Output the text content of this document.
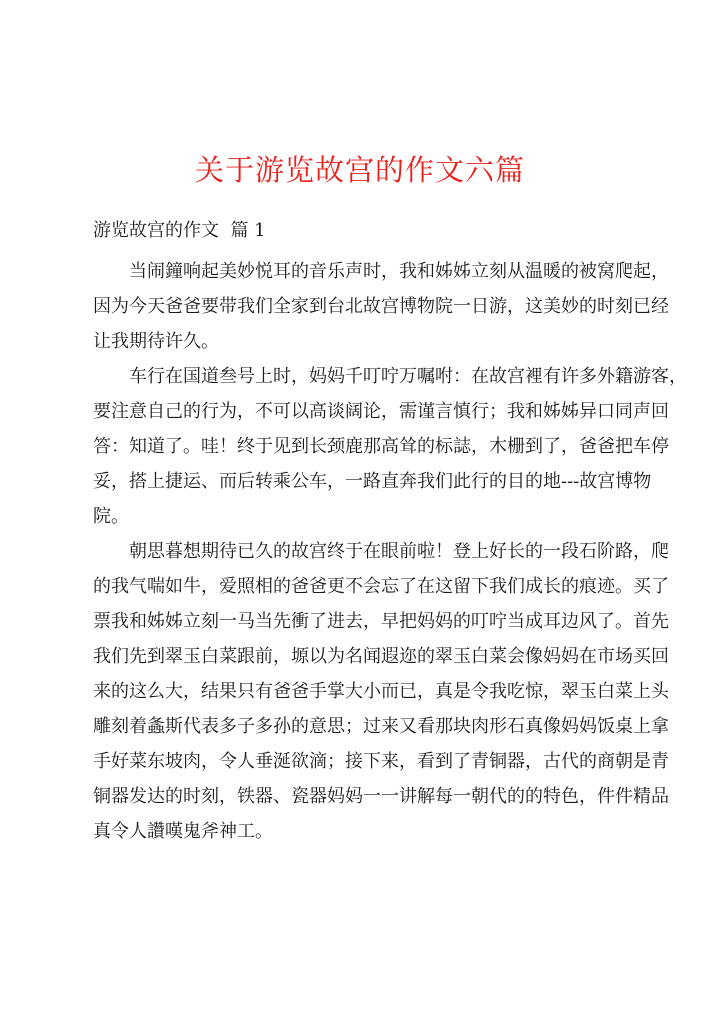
关于游览故宫的作文六篇
游览故宫的作文  篇 1
当闹鐘响起美妙悦耳的音乐声时，我和姊姊立刻从温暖的被窝爬起，
因为今天爸爸要带我们全家到台北故宫博物院一日游，这美妙的时刻已经
让我期待许久。
车行在国道叁号上时，妈妈千叮咛万嘱咐：在故宫裡有许多外籍游客，
要注意自己的行为，不可以高谈阔论，需谨言慎行；我和姊姊异口同声回
答：知道了。哇！终于见到长颈鹿那高耸的标誌，木栅到了，爸爸把车停
妥，搭上捷运、而后转乘公车，一路直奔我们此行的目的地---故宫博物
院。
朝思暮想期待已久的故宫终于在眼前啦！登上好长的一段石阶路，爬
的我气喘如牛，爱照相的爸爸更不会忘了在这留下我们成长的痕迹。买了
票我和姊姊立刻一马当先衝了进去，早把妈妈的叮咛当成耳边风了。首先
我们先到翠玉白菜跟前，塬以为名闻遐迩的翠玉白菜会像妈妈在市场买回
来的这么大，结果只有爸爸手掌大小而已，真是令我吃惊，翠玉白菜上头
雕刻着螽斯代表多子多孙的意思；过来又看那块肉形石真像妈妈饭桌上拿
手好菜东坡肉，令人垂涎欲滴；接下来，看到了青铜器，古代的商朝是青
铜器发达的时刻，铁器、瓷器妈妈一一讲解每一朝代的的特色，件件精品
真令人讚嘆鬼斧神工。
